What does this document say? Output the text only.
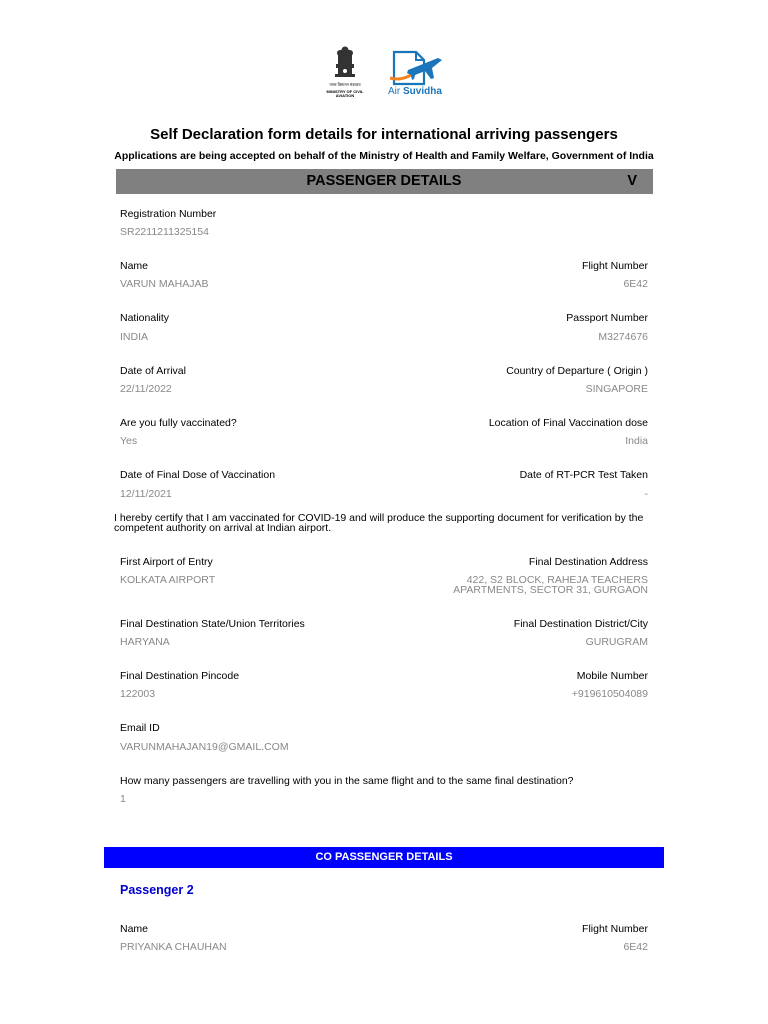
नागर विमानन मंत्रालय
MINISTRY OF CIVIL AVIATION	Air Suvidha
Self Declaration form details for international arriving passengers
Applications are being accepted on behalf of the Ministry of Health and Family Welfare, Government of India
PASSENGER DETAILS	V
Registration Number
SR2211211325154
Name
VARUN MAHAJAB
Flight Number
6E42
Nationality
INDIA
Passport Number
M3274676
Date of Arrival
22/11/2022
Country of Departure ( Origin )
SINGAPORE
Are you fully vaccinated?
Yes
Location of Final Vaccination dose
India
Date of Final Dose of Vaccination
12/11/2021
Date of RT-PCR Test Taken
-
I hereby certify that I am vaccinated for COVID-19 and will produce the supporting document for verification by the
competent authority on arrival at Indian airport.
First Airport of Entry
KOLKATA AIRPORT
Final Destination Address
422, S2 BLOCK, RAHEJA TEACHERS
APARTMENTS, SECTOR 31, GURGAON
Final Destination State/Union Territories
HARYANA
Final Destination District/City
GURUGRAM
Final Destination Pincode
122003
Mobile Number
+919610504089
Email ID
VARUNMAHAJAN19@GMAIL.COM
How many passengers are travelling with you in the same flight and to the same final destination?
1
CO PASSENGER DETAILS
Passenger 2
Name
PRIYANKA CHAUHAN
Flight Number
6E42
